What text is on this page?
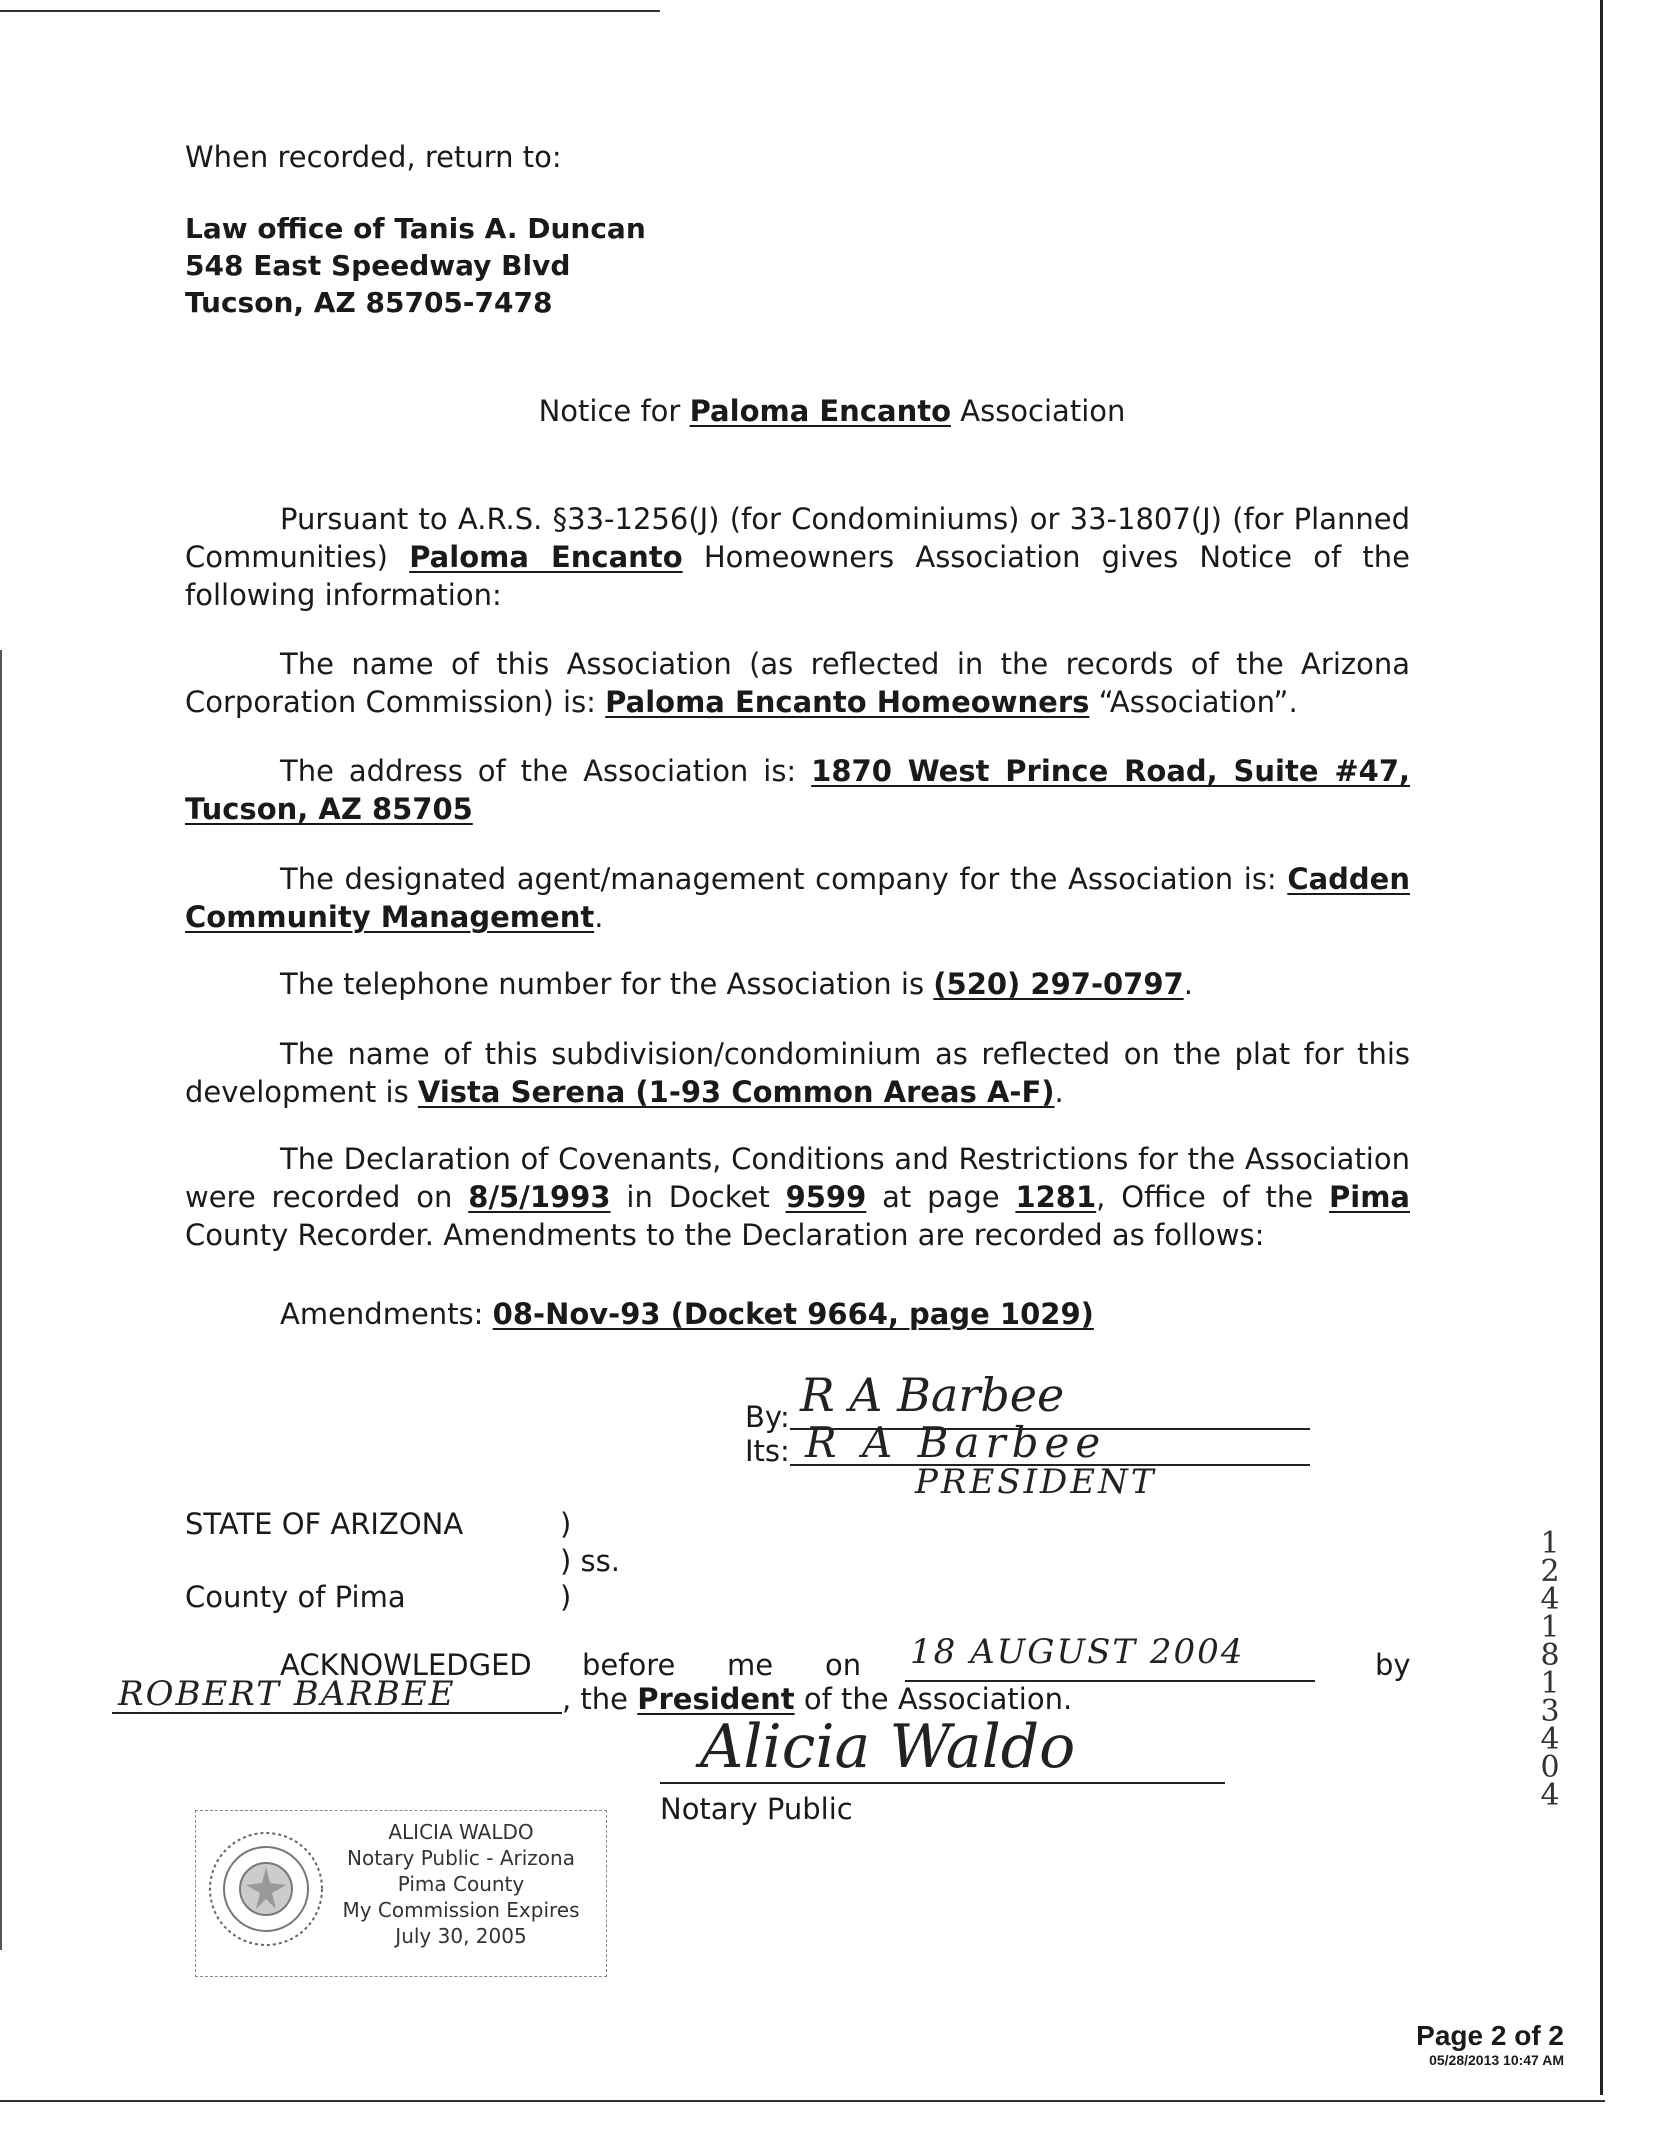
When recorded, return to:
Law office of Tanis A. Duncan
548 East Speedway Blvd
Tucson, AZ 85705-7478
Notice for Paloma Encanto Association
Pursuant to A.R.S. §33-1256(J) (for Condominiums) or 33-1807(J) (for Planned Communities) Paloma Encanto Homeowners Association gives Notice of the following information:
The name of this Association (as reflected in the records of the Arizona Corporation Commission) is: Paloma Encanto Homeowners “Association”.
The address of the Association is: 1870 West Prince Road, Suite #47, Tucson, AZ 85705
The designated agent/management company for the Association is: Cadden Community Management.
The telephone number for the Association is (520) 297-0797.
The name of this subdivision/condominium as reflected on the plat for this development is Vista Serena (1-93 Common Areas A-F).
The Declaration of Covenants, Conditions and Restrictions for the Association were recorded on 8/5/1993 in Docket 9599 at page 1281, Office of the Pima County Recorder. Amendments to the Declaration are recorded as follows:
Amendments: 08-Nov-93 (Docket 9664, page 1029)
By: R A Barbee
Its: R A Barbee
PRESIDENT
STATE OF ARIZONA	)
) ss.
County of Pima	)
ACKNOWLEDGED before me on 18 AUGUST 2004	by
ROBERT BARBEE	, the President of the Association.
Alicia Waldo
Notary Public
ALICIA WALDO
Notary Public - Arizona
Pima County
My Commission Expires
July 30, 2005
12418
13404
Page 2 of 2
05/28/2013 10:47 AM
